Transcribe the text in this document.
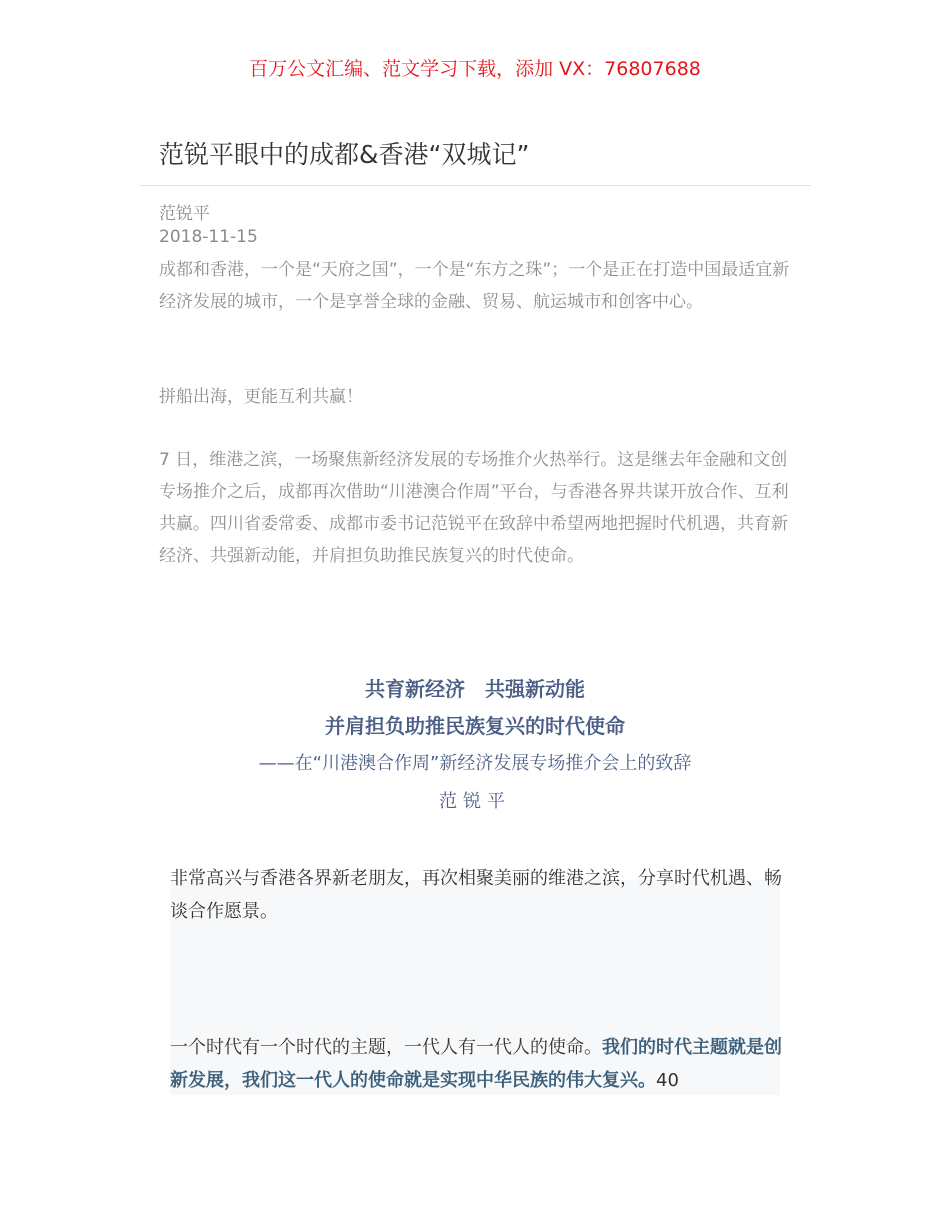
百万公文汇编、范文学习下载，添加 VX：76807688
范锐平眼中的成都&香港“双城记”
范锐平
2018-11-15
成都和香港，一个是“天府之国”，一个是“东方之珠”；一个是正在打造中国最适宜新经济发展的城市，一个是享誉全球的金融、贸易、航运城市和创客中心。
拼船出海，更能互利共赢！
7 日，维港之滨，一场聚焦新经济发展的专场推介火热举行。这是继去年金融和文创专场推介之后，成都再次借助“川港澳合作周”平台，与香港各界共谋开放合作、互利共赢。四川省委常委、成都市委书记范锐平在致辞中希望两地把握时代机遇，共育新经济、共强新动能，并肩担负助推民族复兴的时代使命。
共育新经济　共强新动能
并肩担负助推民族复兴的时代使命
——在“川港澳合作周”新经济发展专场推介会上的致辞
范锐平
非常高兴与香港各界新老朋友，再次相聚美丽的维港之滨，分享时代机遇、畅谈合作愿景。
一个时代有一个时代的主题，一代人有一代人的使命。我们的时代主题就是创新发展，我们这一代人的使命就是实现中华民族的伟大复兴。40
